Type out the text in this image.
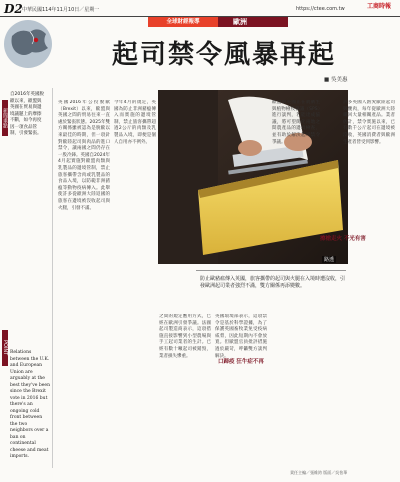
D2 中華民國114年11月10日／星期一	https://ctee.com.tw	工商時報
全球財經報導	歐洲
起司禁令風暴再起
■ 吳美惠
新聞重點
自2016年英國脫歐以來，歐盟與英國在貿易與邊境議題上的摩擦不斷，如今再度因一項食品管制，引發緊張。
POINT Relations between the U.K. and European Union are arguably at the best they've been since the Brexit vote in 2016 but there's an ongoing cold front between the two neighbors over a ban on continental cheese and meat imports.
路透
防止歐豬瘟傳入英國，旅客攜帶的起司與火腿在入境時遭沒收，引發歐洲起司業者強烈不滿，雙方關係再添變數。
英國2016年公投脫歐（Brexit）以來，歐盟與英國之間的貿易往來一直處於緊張狀態。2025年雙方關係雖被認為是脫歐以來最佳的時期，但一項針對歐陸起司與肉品的進口禁令，讓兩國之間仍存在一股冷鋒。英國自2024年4月起實施對歐盟肉類與乳製品的邊境管制，禁止旅客攜帶含肉或乳製品的食品入境，以防範非洲豬瘟等動物疫病傳入。此舉使許多從歐洲大陸返國的旅客在邊境被沒收起司與火腿，引發不滿。
今年4月的規定，英國為防止非洲豬瘟傳入而實施的邊境管制，禁止旅客攜帶超過2公斤的肉類及乳製品入境，即便是個人自用亦不例外。
之間的規定應用方式，已經在歐洲引發爭議。法國起司製造商表示，這項措施直接影響到小型農場與手工起司業者的生計。已經有數十噸起司被銷毀，業者損失慘重。
英國環境部表示，這項禁令是基於科學證據，為了保護英國畜牧業免受疫病威脅，因此短期內不會放寬。但歐盟官員批評措施過於嚴苛，呼籲雙方談判解決。
歐盟與英國正在就衛生與植物檢疫協議（SPS）進行談判，若能達成協議，將可望簡化兩地之間農產品的邊境檢查，並有助於解決起司禁令爭議。
許多英國人熱愛歐陸起司與醃肉，每年從歐洲大陸購回大量相關產品。業者估計，禁令實施以來，已有數千公斤起司在邊境被沒收，英國消費者與歐洲生產者皆受到影響。
擦槍走火 不光有害
口蹄疫 狂牛症不再
責任主編／張維鈞 版面／吳怡華
